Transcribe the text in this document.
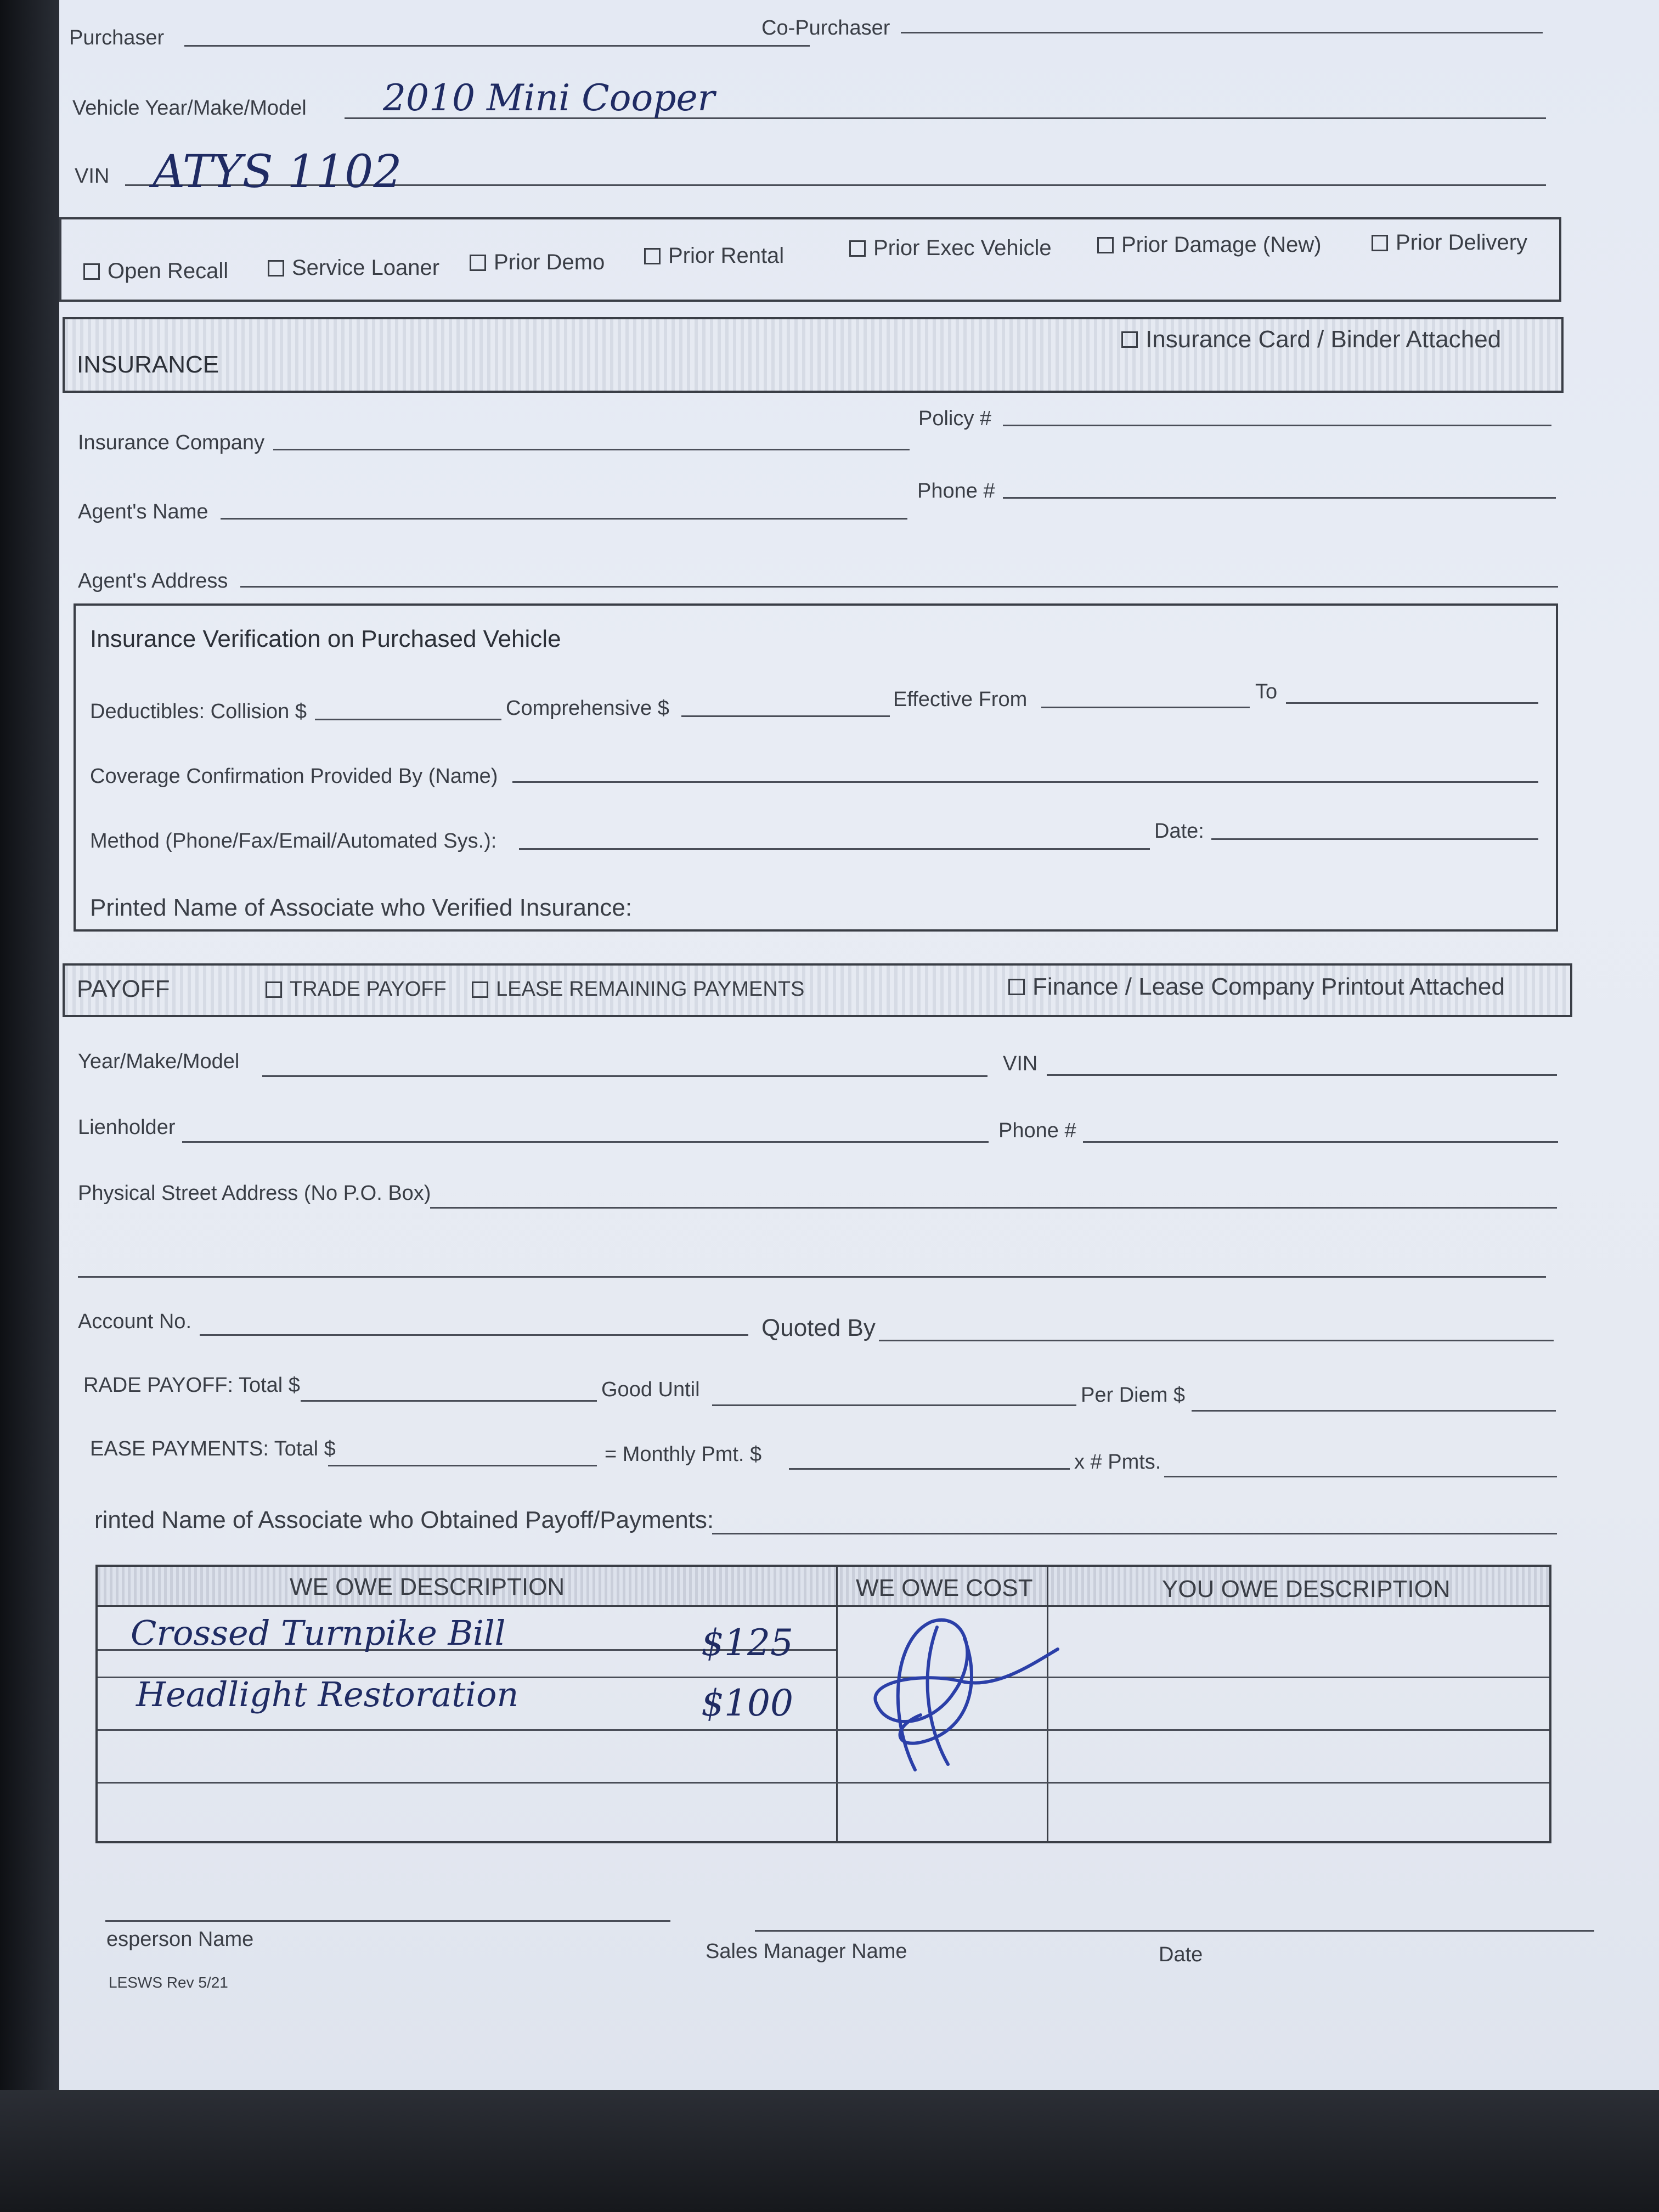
Purchaser	Co-Purchaser
Vehicle Year/Make/Model 2010 Mini Cooper
VIN ATYS 1102
Open Recall	Service Loaner Prior Demo	Prior Rental	Prior Exec Vehicle	Prior Damage (New)	Prior Delivery
INSURANCE
Insurance Card / Binder Attached
Insurance Company
Policy #
Agent's Name
Phone #
Agent's Address
Insurance Verification on Purchased Vehicle
Deductibles: Collision $	Comprehensive $	Effective From	To
Coverage Confirmation Provided By (Name)
Method (Phone/Fax/Email/Automated Sys.):	Date:
Printed Name of Associate who Verified Insurance:
PAYOFF	TRADE PAYOFF LEASE REMAINING PAYMENTS	Finance / Lease Company Printout Attached
Year/Make/Model	VIN
Lienholder	Phone #
Physical Street Address (No P.O. Box)
Account No.	Quoted By
RADE PAYOFF: Total $	Good Until	Per Diem $
EASE PAYMENTS: Total $	= Monthly Pmt. $	x # Pmts.
rinted Name of Associate who Obtained Payoff/Payments:
WE OWE DESCRIPTION	WE OWE COST	YOU OWE DESCRIPTION
Crossed Turnpike Bill	$125
Headlight Restoration	$100
esperson Name
Sales Manager Name	Date
LESWS Rev 5/21
